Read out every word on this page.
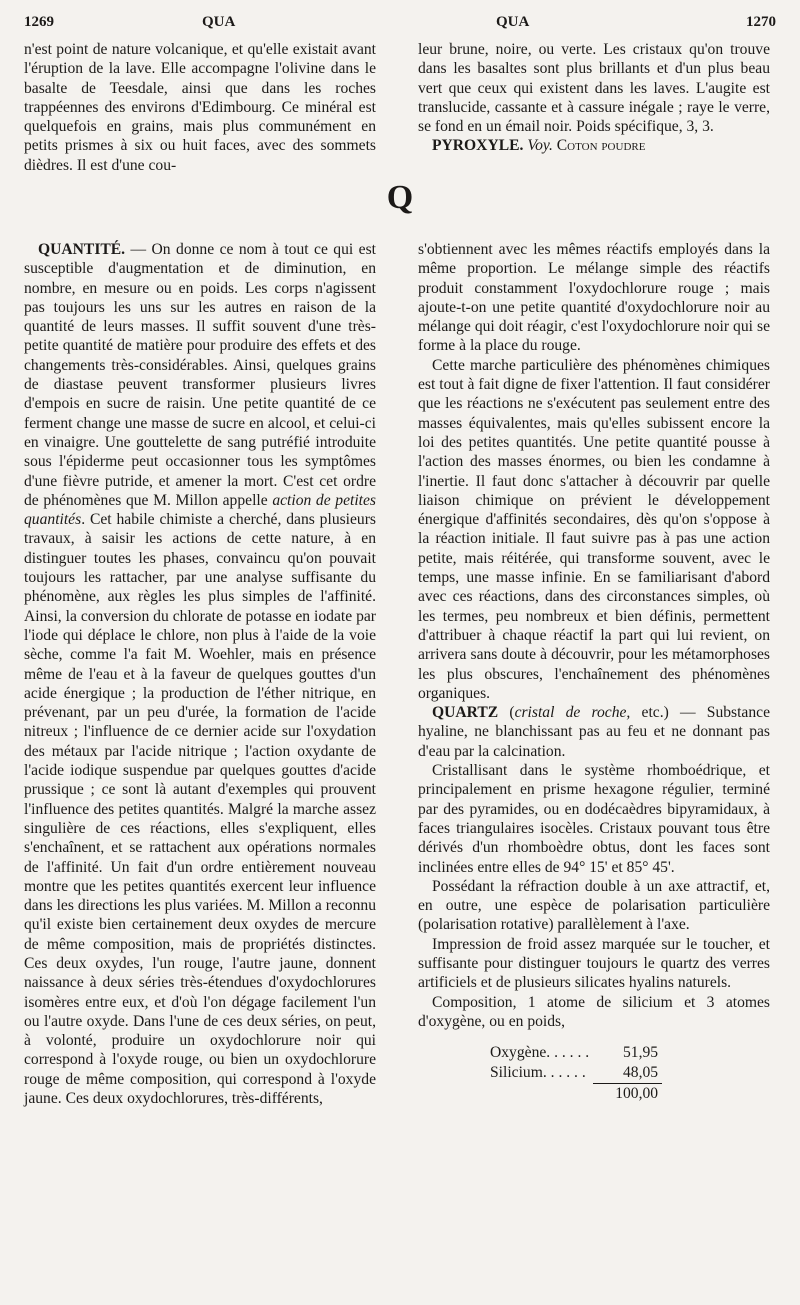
1269	QUA	QUA	1270

n'est point de nature volcanique, et qu'elle existait avant l'éruption de la lave. Elle accompagne l'olivine dans le basalte de Teesdale, ainsi que dans les roches trappéennes des environs d'Edimbourg. Ce minéral est quelquefois en grains, mais plus communément en petits prismes à six ou huit faces, avec des sommets dièdres. Il est d'une cou-

leur brune, noire, ou verte. Les cristaux qu'on trouve dans les basaltes sont plus brillants et d'un plus beau vert que ceux qui existent dans les laves. L'augite est translucide, cassante et à cassure inégale ; raye le verre, se fond en un émail noir. Poids spécifique, 3, 3.

PYROXYLE. Voy. Coton poudre

Q

QUANTITÉ. — On donne ce nom à tout ce qui est susceptible d'augmentation et de diminution, en nombre, en mesure ou en poids. Les corps n'agissent pas toujours les uns sur les autres en raison de la quantité de leurs masses. Il suffit souvent d'une très-petite quantité de matière pour produire des effets et des changements très-considérables. Ainsi, quelques grains de diastase peuvent transformer plusieurs livres d'empois en sucre de raisin. Une petite quantité de ce ferment change une masse de sucre en alcool, et celui-ci en vinaigre. Une gouttelette de sang putréfié introduite sous l'épiderme peut occasionner tous les symptômes d'une fièvre putride, et amener la mort. C'est cet ordre de phénomènes que M. Millon appelle action de petites quantités. Cet habile chimiste a cherché, dans plusieurs travaux, à saisir les actions de cette nature, à en distinguer toutes les phases, convaincu qu'on pouvait toujours les rattacher, par une analyse suffisante du phénomène, aux règles les plus simples de l'affinité. Ainsi, la conversion du chlorate de potasse en iodate par l'iode qui déplace le chlore, non plus à l'aide de la voie sèche, comme l'a fait M. Woehler, mais en présence même de l'eau et à la faveur de quelques gouttes d'un acide énergique ; la production de l'éther nitrique, en prévenant, par un peu d'urée, la formation de l'acide nitreux ; l'influence de ce dernier acide sur l'oxydation des métaux par l'acide nitrique ; l'action oxydante de l'acide iodique suspendue par quelques gouttes d'acide prussique ; ce sont là autant d'exemples qui prouvent l'influence des petites quantités. Malgré la marche assez singulière de ces réactions, elles s'expliquent, elles s'enchaînent, et se rattachent aux opérations normales de l'affinité. Un fait d'un ordre entièrement nouveau montre que les petites quantités exercent leur influence dans les directions les plus variées. M. Millon a reconnu qu'il existe bien certainement deux oxydes de mercure de même composition, mais de propriétés distinctes. Ces deux oxydes, l'un rouge, l'autre jaune, donnent naissance à deux séries très-étendues d'oxydochlorures isomères entre eux, et d'où l'on dégage facilement l'un ou l'autre oxyde. Dans l'une de ces deux séries, on peut, à volonté, produire un oxydochlorure noir qui correspond à l'oxyde rouge, ou bien un oxydochlorure rouge de même composition, qui correspond à l'oxyde jaune. Ces deux oxydochlorures, très-différents,

s'obtiennent avec les mêmes réactifs employés dans la même proportion. Le mélange simple des réactifs produit constamment l'oxydochlorure rouge ; mais ajoute-t-on une petite quantité d'oxydochlorure noir au mélange qui doit réagir, c'est l'oxydochlorure noir qui se forme à la place du rouge.

Cette marche particulière des phénomènes chimiques est tout à fait digne de fixer l'attention. Il faut considérer que les réactions ne s'exécutent pas seulement entre des masses équivalentes, mais qu'elles subissent encore la loi des petites quantités. Une petite quantité pousse à l'action des masses énormes, ou bien les condamne à l'inertie. Il faut donc s'attacher à découvrir par quelle liaison chimique on prévient le développement énergique d'affinités secondaires, dès qu'on s'oppose à la réaction initiale. Il faut suivre pas à pas une action petite, mais réitérée, qui transforme souvent, avec le temps, une masse infinie. En se familiarisant d'abord avec ces réactions, dans des circonstances simples, où les termes, peu nombreux et bien définis, permettent d'attribuer à chaque réactif la part qui lui revient, on arrivera sans doute à découvrir, pour les métamorphoses les plus obscures, l'enchaînement des phénomènes organiques.

QUARTZ (cristal de roche, etc.) — Substance hyaline, ne blanchissant pas au feu et ne donnant pas d'eau par la calcination.

Cristallisant dans le système rhomboédrique, et principalement en prisme hexagone régulier, terminé par des pyramides, ou en dodécaèdres bipyramidaux, à faces triangulaires isocèles. Cristaux pouvant tous être dérivés d'un rhomboèdre obtus, dont les faces sont inclinées entre elles de 94° 15' et 85° 45'.

Possédant la réfraction double à un axe attractif, et, en outre, une espèce de polarisation particulière (polarisation rotative) parallèlement à l'axe.

Impression de froid assez marquée sur le toucher, et suffisante pour distinguer toujours le quartz des verres artificiels et de plusieurs silicates hyalins naturels.

Composition, 1 atome de silicium et 3 atomes d'oxygène, ou en poids,

Oxygène. . . . . .	51,95
Silicium. . . . . .	48,05
	100,00
